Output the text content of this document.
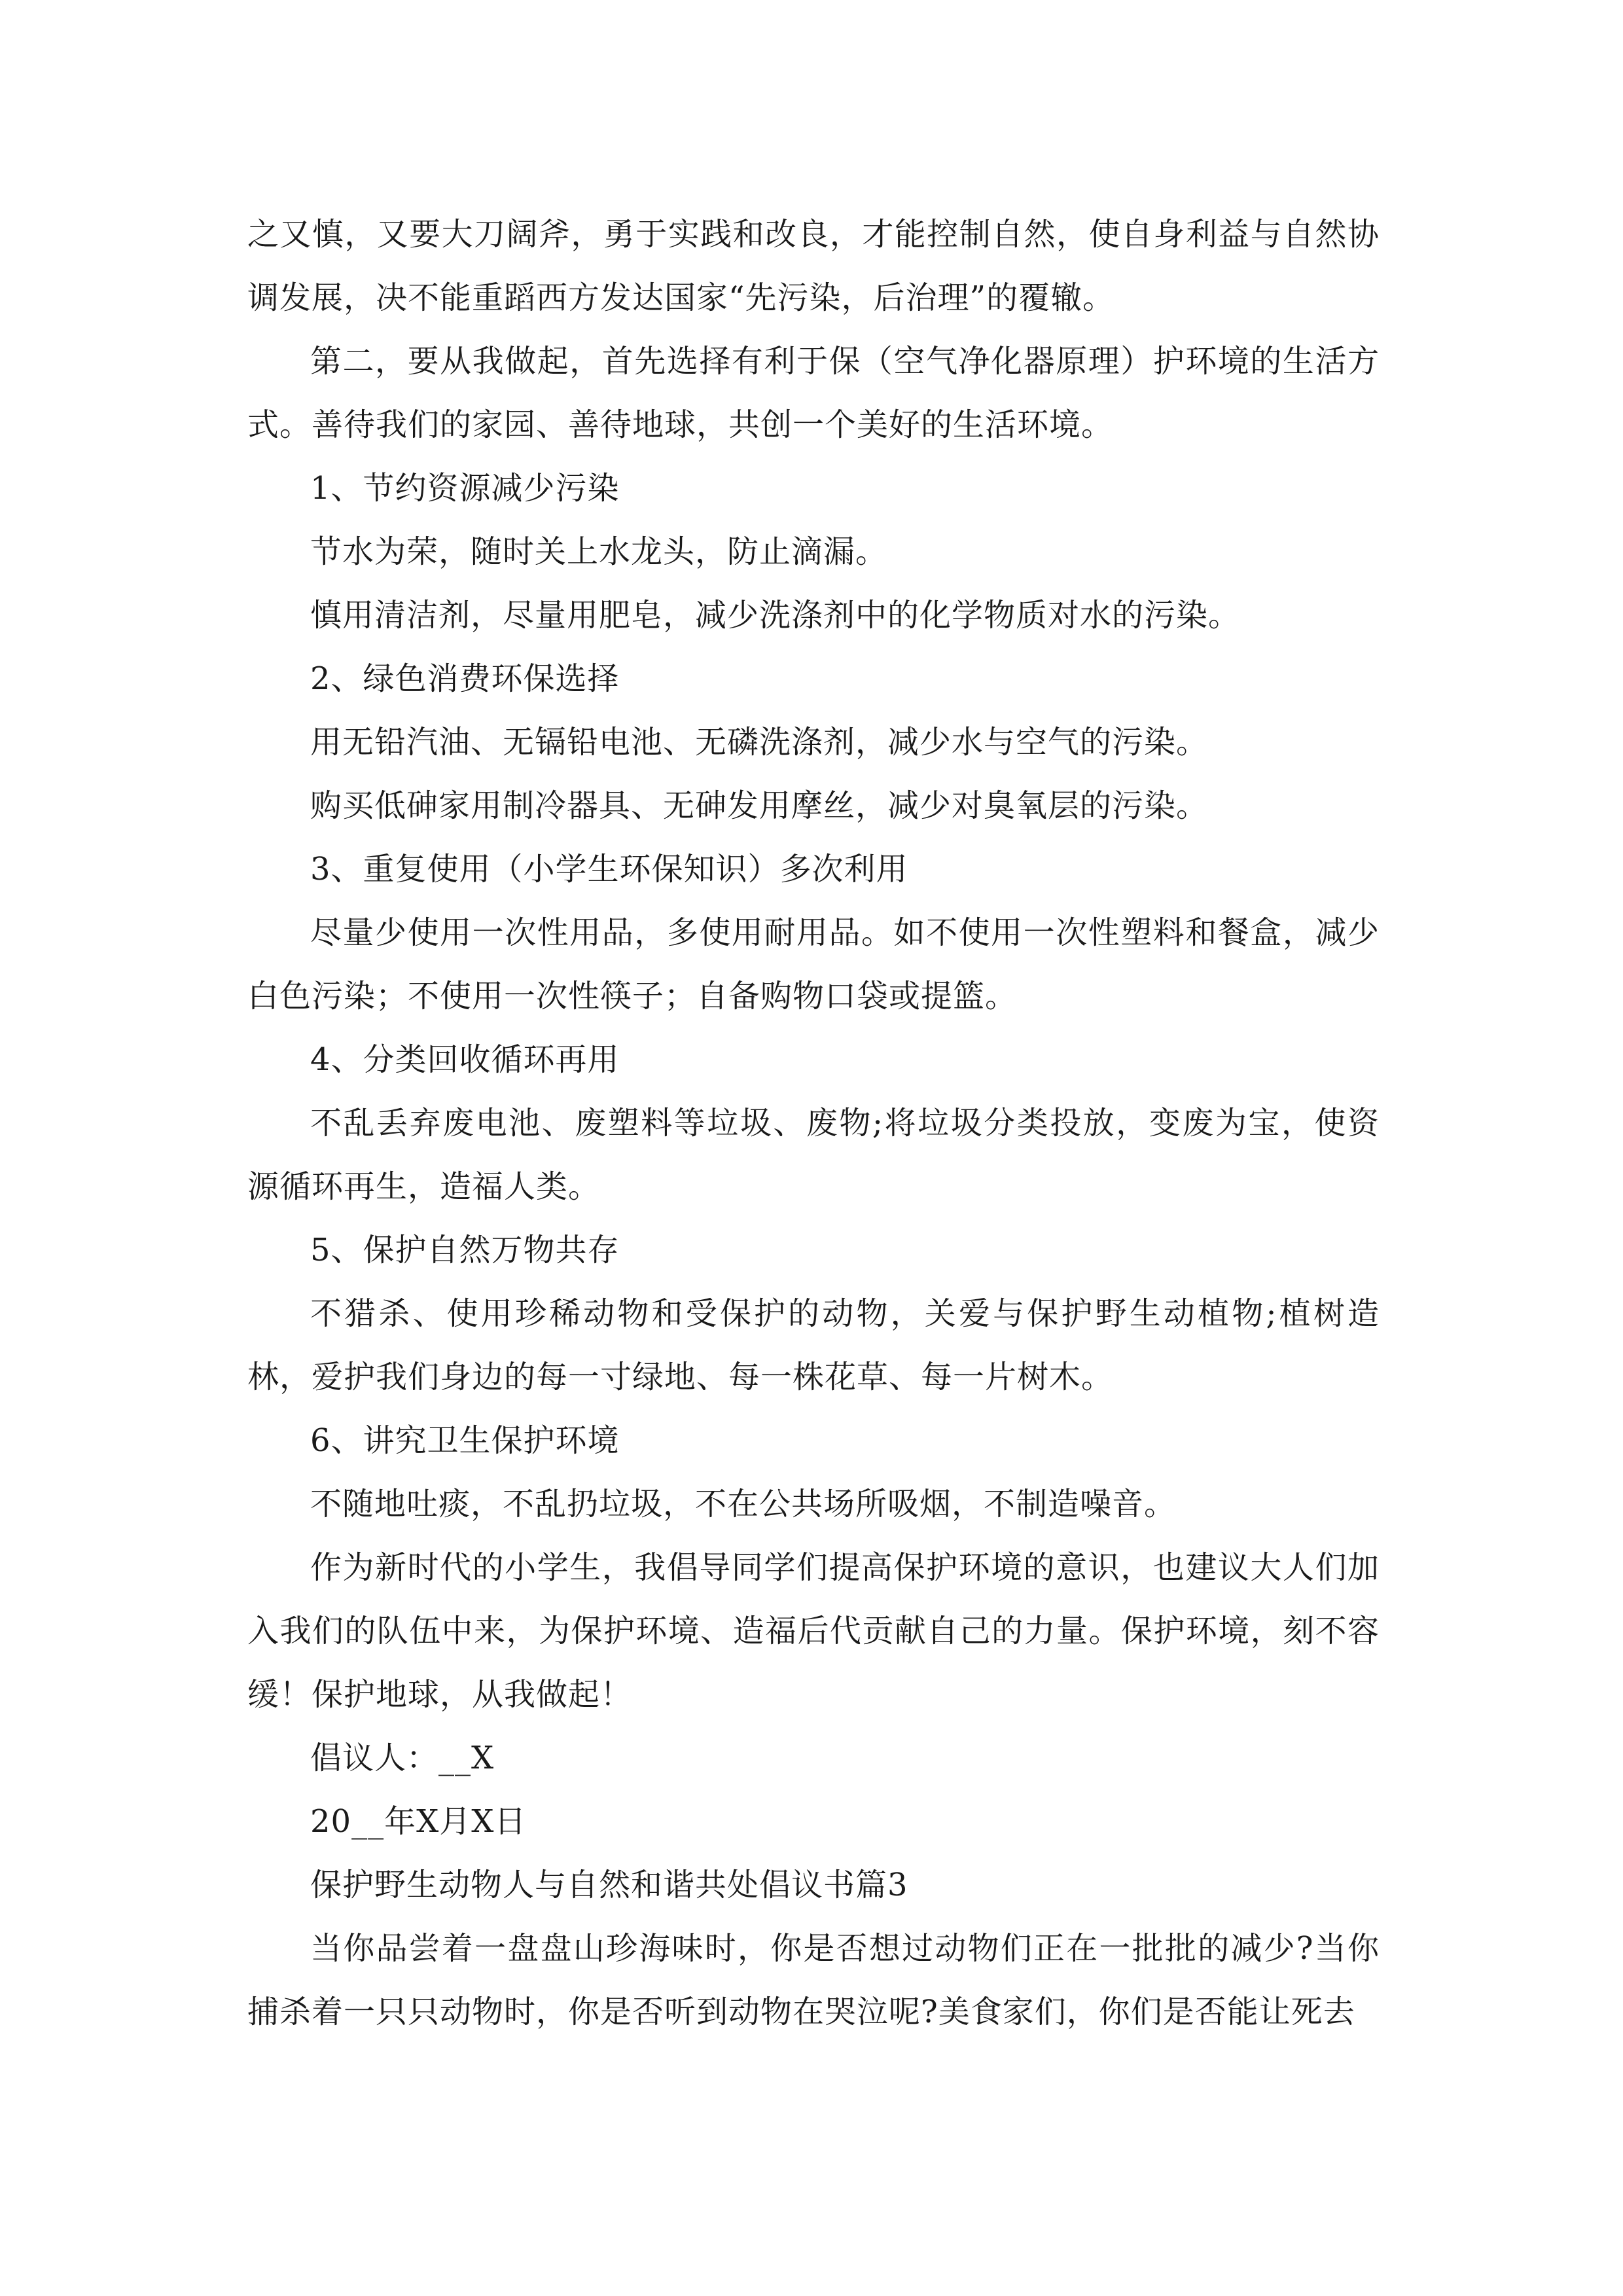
之又慎，又要大刀阔斧，勇于实践和改良，才能控制自然，使自身利益与自然协调发展，决不能重蹈西方发达国家“先污染，后治理”的覆辙。

第二，要从我做起，首先选择有利于保（空气净化器原理）护环境的生活方式。善待我们的家园、善待地球，共创一个美好的生活环境。

1、节约资源减少污染

节水为荣，随时关上水龙头，防止滴漏。

慎用清洁剂，尽量用肥皂，减少洗涤剂中的化学物质对水的污染。

2、绿色消费环保选择

用无铅汽油、无镉铅电池、无磷洗涤剂，减少水与空气的污染。

购买低砷家用制冷器具、无砷发用摩丝，减少对臭氧层的污染。

3、重复使用（小学生环保知识）多次利用

尽量少使用一次性用品，多使用耐用品。如不使用一次性塑料和餐盒，减少白色污染；不使用一次性筷子；自备购物口袋或提篮。

4、分类回收循环再用

不乱丢弃废电池、废塑料等垃圾、废物;将垃圾分类投放，变废为宝，使资源循环再生，造福人类。

5、保护自然万物共存

不猎杀、使用珍稀动物和受保护的动物，关爱与保护野生动植物;植树造林，爱护我们身边的每一寸绿地、每一株花草、每一片树木。

6、讲究卫生保护环境

不随地吐痰，不乱扔垃圾，不在公共场所吸烟，不制造噪音。

作为新时代的小学生，我倡导同学们提高保护环境的意识，也建议大人们加入我们的队伍中来，为保护环境、造福后代贡献自己的力量。保护环境，刻不容缓！保护地球，从我做起！

倡议人：__X

20__年X月X日

保护野生动物人与自然和谐共处倡议书篇3

当你品尝着一盘盘山珍海味时，你是否想过动物们正在一批批的减少?当你捕杀着一只只动物时，你是否听到动物在哭泣呢?美食家们，你们是否能让死去
